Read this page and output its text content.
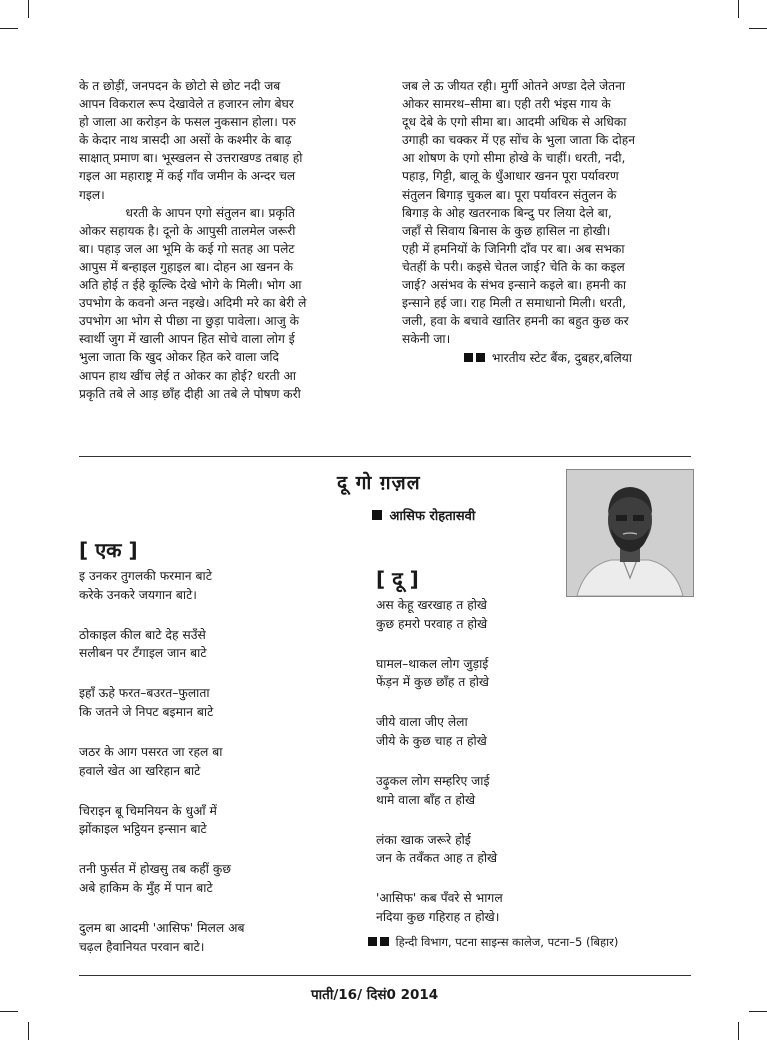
के त छोड़ीं, जनपदन के छोटो से छोट नदी जब
आपन विकराल रूप देखावेले त हजारन लोग बेघर
हो जाला आ करोड़न के फसल नुकसान होला। परु
के केदार नाथ त्रासदी आ असों के कश्मीर के बाढ़
साक्षात् प्रमाण बा। भूस्खलन से उत्तराखण्ड तबाह हो
गइल आ महाराष्ट्र में कई गाँव जमीन के अन्दर चल
गइल।
धरती के आपन एगो संतुलन बा। प्रकृति
ओकर सहायक है। दूनो के आपुसी तालमेल जरूरी
बा। पहाड़ जल आ भूमि के कई गो सतह आ पलेट
आपुस में बन्हाइल गुहाइल बा। दोहन आ खनन के
अति होई त ईहे कूल्कि देखे भोगे के मिली। भोग आ
उपभोग के कवनो अन्त नइखे। अदिमी मरे का बेरी ले
उपभोग आ भोग से पीछा ना छुड़ा पावेला। आजु के
स्वार्थी जुग में खाली आपन हित सोचे वाला लोग ई
भुला जाता कि खुद ओकर हित करे वाला जदि
आपन हाथ खींच लेई त ओकर का होई? धरती आ
प्रकृति तबे ले आड़ छाँह दीही आ तबे ले पोषण करी
जब ले ऊ जीयत रही। मुर्गी ओतने अण्डा देले जेतना
ओकर सामरथ–सीमा बा। एही तरी भंइस गाय के
दूध देबे के एगो सीमा बा। आदमी अधिक से अधिका
उगाही का चक्कर में एह सोंच के भुला जाता कि दोहन
आ शोषण के एगो सीमा होखे के चाहीं। धरती, नदी,
पहाड़, गिट्टी, बालू के धुँआधार खनन पूरा पर्यावरण
संतुलन बिगाड़ चुकल बा। पूरा पर्यावरन संतुलन के
बिगाड़ के ओह खतरनाक बिन्दु पर लिया देले बा,
जहाँ से सिवाय बिनास के कुछ हासिल ना होखी।
एही में हमनियों के जिनिगी दाँव पर बा। अब सभका
चेतहीं के परी। कइसे चेतल जाई? चेति के का कइल
जाई? असंभव के संभव इन्साने कइले बा। हमनी का
इन्साने हई जा। राह मिली त समाधानो मिली। धरती,
जली, हवा के बचावे खातिर हमनी का बहुत कुछ कर
सकेनी जा।
भारतीय स्टेट बैंक, दुबहर,बलिया
दू गो ग़ज़ल
आसिफ रोहतासवी
[ एक ]
इ उनकर तुगलकी फरमान बाटे
करेके उनकरे जयगान बाटे।
ठोकाइल कील बाटे देह सउँसे
सलीबन पर टँगाइल जान बाटे
इहाँ ऊहे फरत–बउरत–फुलाता
कि जतने जे निपट बइमान बाटे
जठर के आग पसरत जा रहल बा
हवाले खेत आ खरिहान बाटे
चिराइन बू चिमनियन के धुआँ में
झोंकाइल भट्ठियन इन्सान बाटे
तनी फुर्सत में होखसु तब कहीं कुछ
अबे हाकिम के मुँह में पान बाटे
दुलम बा आदमी 'आसिफ' मिलल अब
चढ़ल हैवानियत परवान बाटे।
[ दू ]
अस केहू खरखाह त होखे
कुछ हमरो परवाह त होखे
घामल–थाकल लोग जुड़ाई
फेंड़न में कुछ छाँह त होखे
जीये वाला जीए लेला
जीये के कुछ चाह त होखे
उढ़ुकल लोग सम्हरिए जाई
थामे वाला बाँह त होखे
लंका खाक जरूरे होई
जन के तवँकत आह त होखे
'आसिफ' कब पँवरे से भागल
नदिया कुछ गहिराह त होखे।
हिन्दी विभाग, पटना साइन्स कालेज, पटना–5 (बिहार)
पाती/16/ दिसं0 2014
